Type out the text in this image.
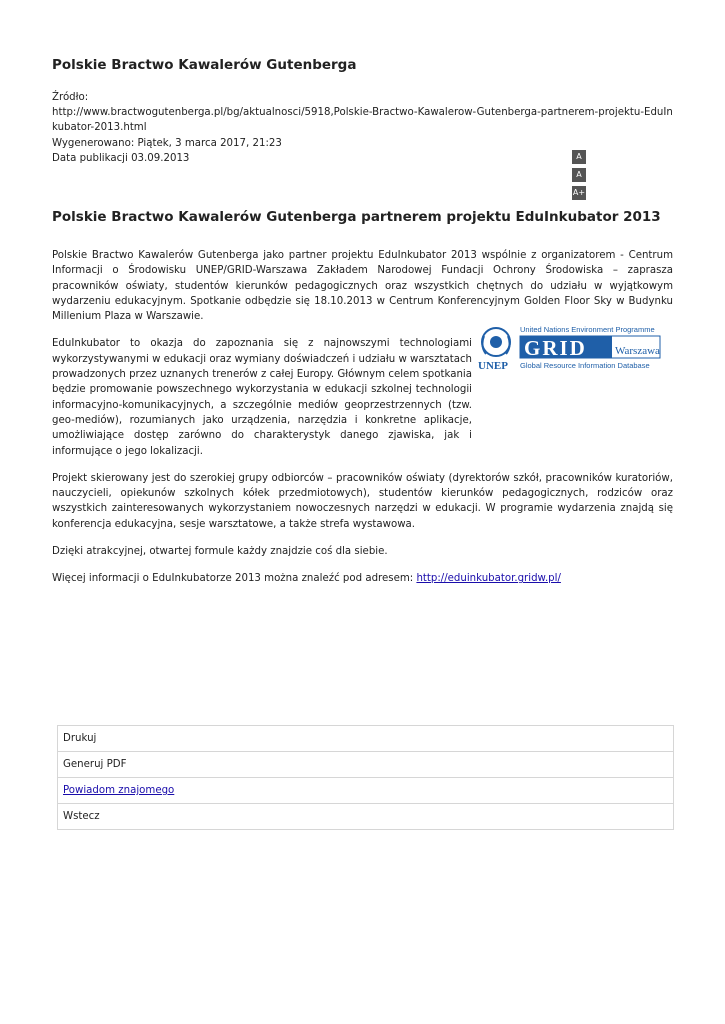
Polskie Bractwo Kawalerów Gutenberga
Źródło:
http://www.bractwogutenberga.pl/bg/aktualnosci/5918,Polskie-Bractwo-Kawalerow-Gutenberga-partnerem-projektu-EduInkubator-2013.html
Wygenerowano: Piątek, 3 marca 2017, 21:23
Data publikacji 03.09.2013	A
A
A+
Polskie Bractwo Kawalerów Gutenberga partnerem projektu EduInkubator 2013

Polskie Bractwo Kawalerów Gutenberga jako partner projektu EduInkubator 2013 wspólnie z organizatorem - Centrum Informacji o Środowisku UNEP/GRID-Warszawa Zakładem Narodowej Fundacji Ochrony Środowiska – zaprasza pracowników oświaty, studentów kierunków pedagogicznych oraz wszystkich chętnych do udziału w wyjątkowym wydarzeniu edukacyjnym. Spotkanie odbędzie się 18.10.2013 w Centrum Konferencyjnym Golden Floor Sky w Budynku Millenium Plaza w Warszawie.

EduInkubator to okazja do zapoznania się z najnowszymi technologiami wykorzystywanymi w edukacji oraz wymiany doświadczeń i udziału w warsztatach prowadzonych przez uznanych trenerów z całej Europy. Głównym celem spotkania będzie promowanie powszechnego wykorzystania w edukacji szkolnej technologii informacyjno-komunikacyjnych, a szczególnie mediów geoprzestrzennych (tzw. geo-mediów), rozumianych jako urządzenia, narzędzia i konkretne aplikacje, umożliwiające dostęp zarówno do charakterystyk danego zjawiska, jak i informujące o jego lokalizacji.

Projekt skierowany jest do szerokiej grupy odbiorców – pracowników oświaty (dyrektorów szkół, pracowników kuratoriów, nauczycieli, opiekunów szkolnych kółek przedmiotowych), studentów kierunków pedagogicznych, rodziców oraz wszystkich zainteresowanych wykorzystaniem nowoczesnych narzędzi w edukacji. W programie wydarzenia znajdą się konferencja edukacyjna, sesje warsztatowe, a także strefa wystawowa.

Dzięki atrakcyjnej, otwartej formule każdy znajdzie coś dla siebie.

Więcej informacji o EduInkubatorze 2013 można znaleźć pod adresem: http://eduinkubator.gridw.pl/

UNEP
United Nations Environment Programme
GRID	Warszawa
Global Resource Information Database
Drukuj
Generuj PDF
Powiadom znajomego
Wstecz
